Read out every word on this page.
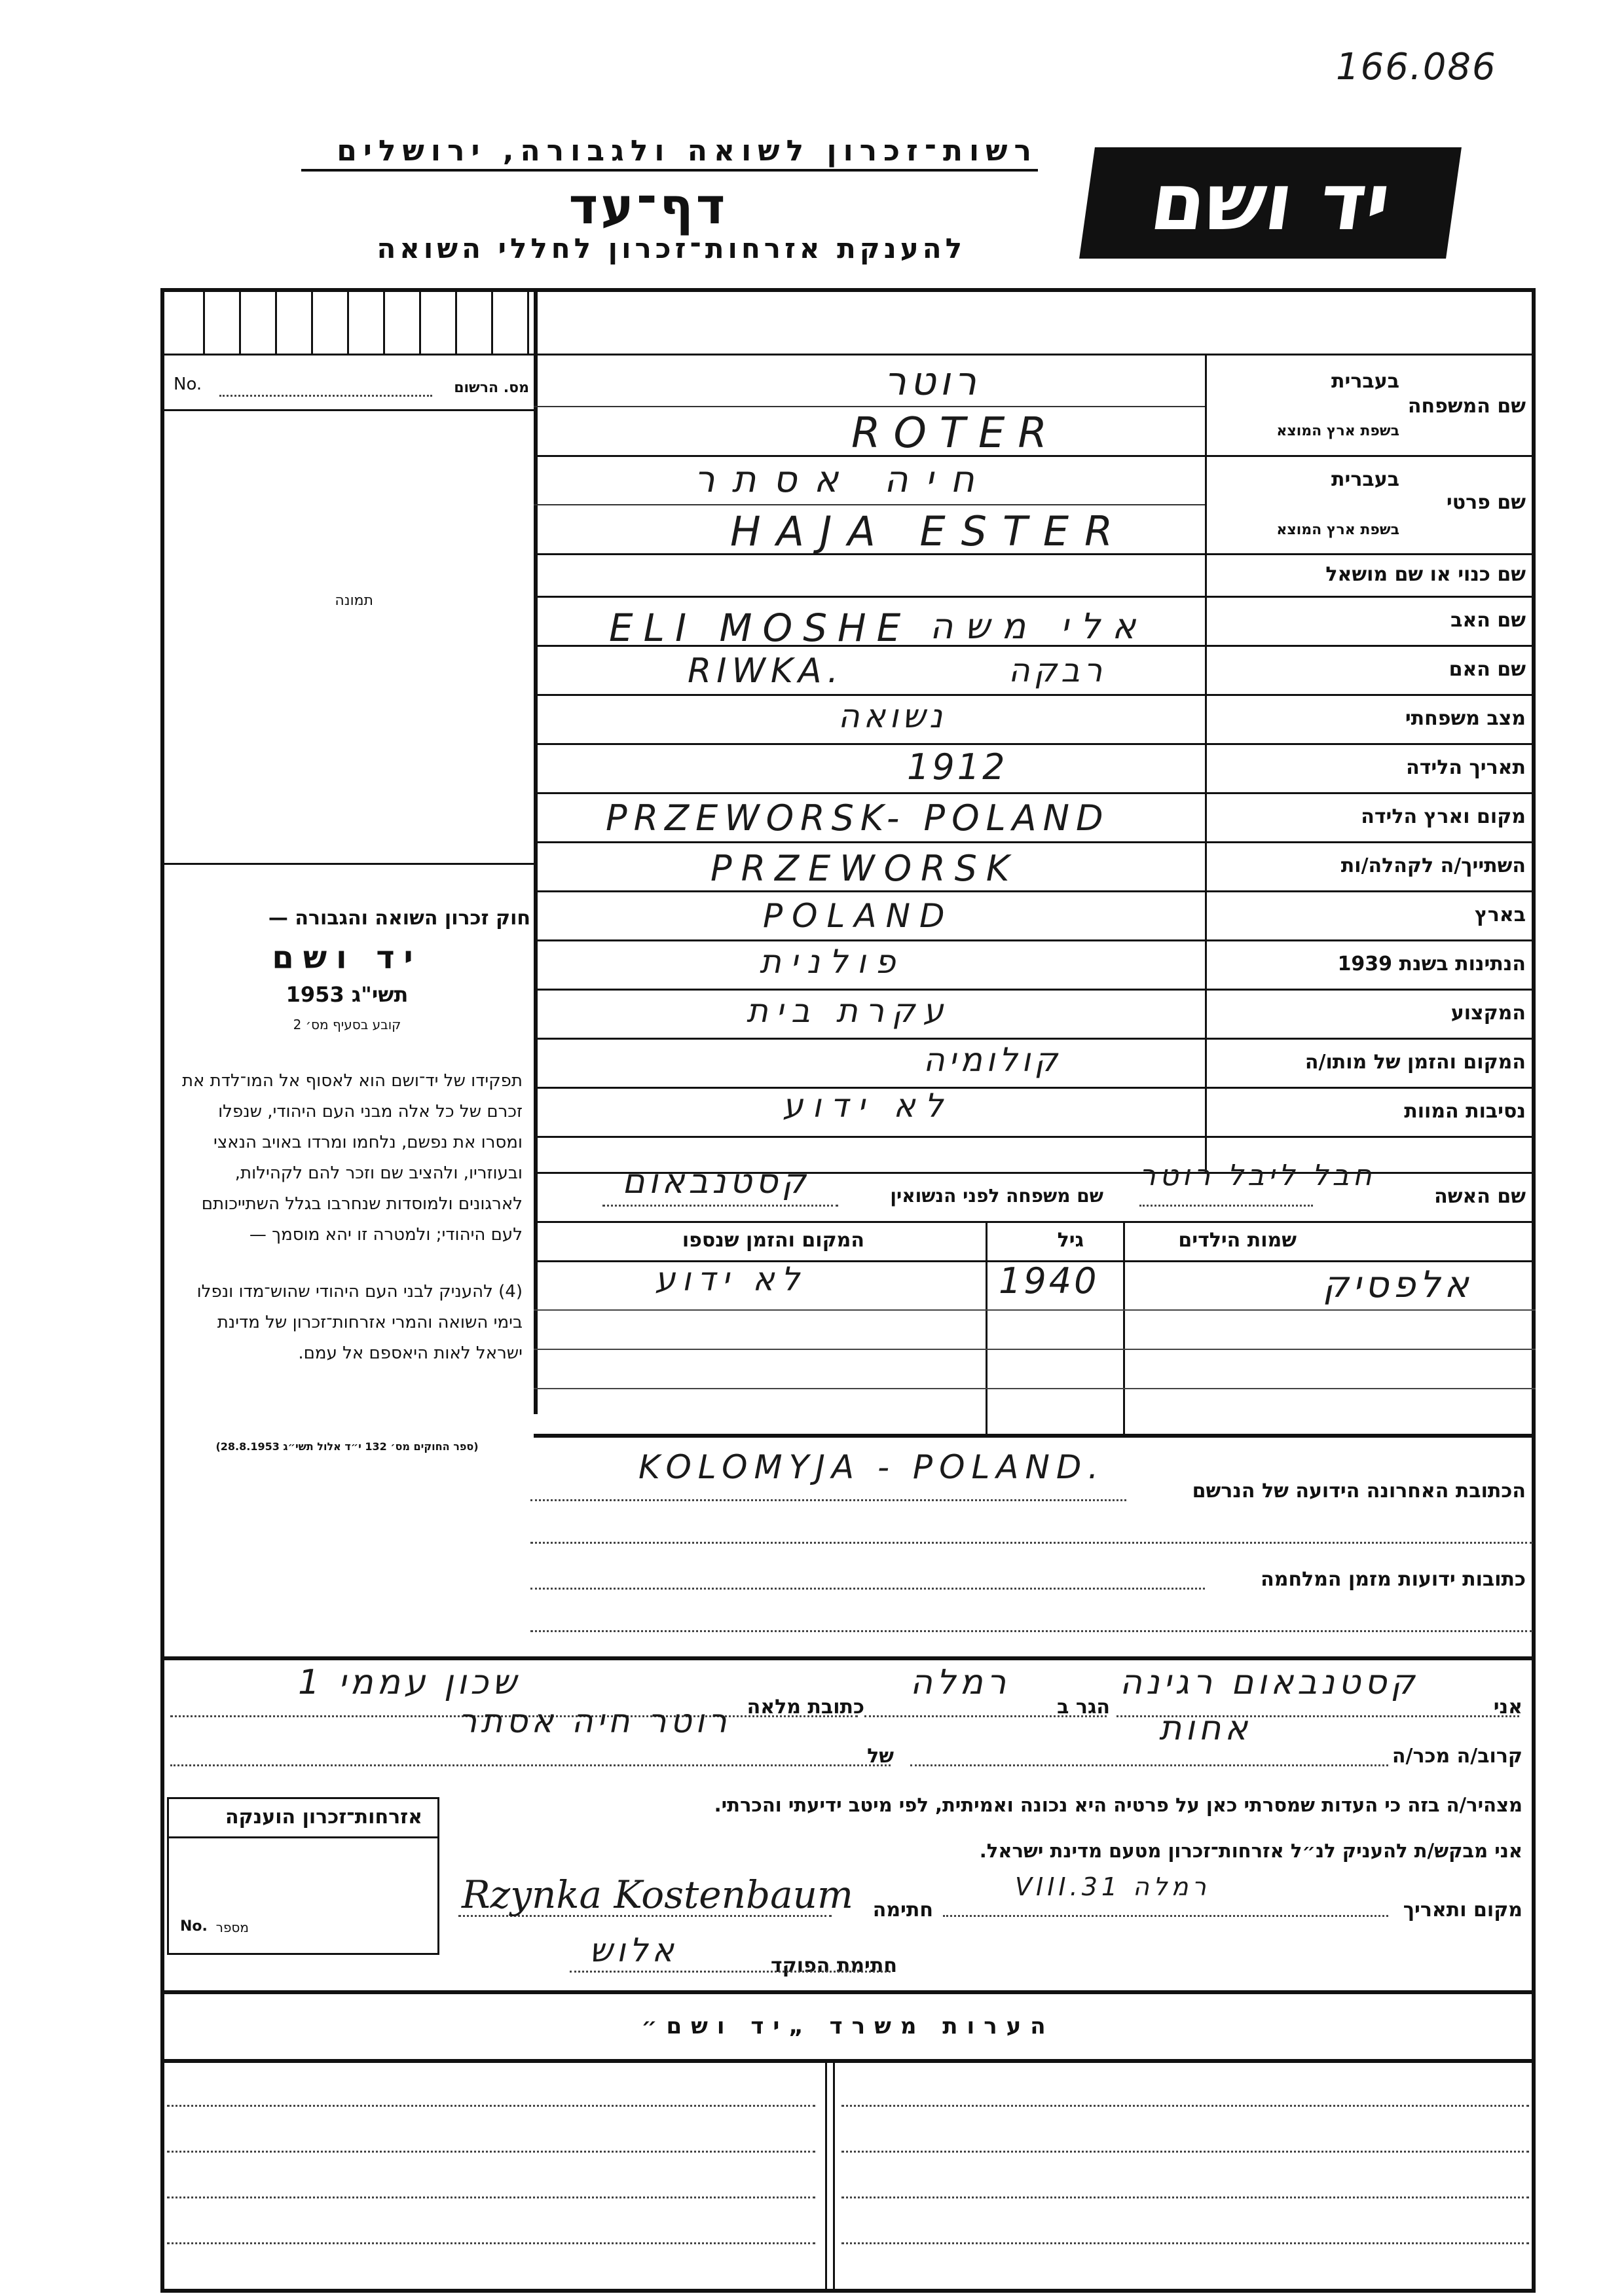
166.086
רשות־זכרון לשואה ולגבורה, ירושלים
דף־עד
להענקת אזרחות־זכרון לחללי השואה
יד ושם
מס. הרשום
No.
תמונה
חוק זכרון השואה והגבורה —
יד ושם
תשי"ג 1953
קובע בסעיף מס׳ 2
תפקידו של יד־ושם הוא לאסוף אל המו־לדת את זכרם של כל אלה מבני העם היהודי, שנפלו ומסרו את נפשם, נלחמו ומרדו באויב הנאצי ובעוזריו, ולהציב שם וזכר להם לקהילות, לארגונים ולמוסדות שנחרבו בגלל השתייכותם לעם היהודי; ולמטרה זו יהא מוסמך —
(4) להעניק לבני העם היהודי שהוש־מדו ונפלו בימי השואה והמרי אזרחות־זכרון של מדינת ישראל לאות היאספם אל עמם.
(ספר החוקים מס׳ 132 י״ד אלול תשי״ג 28.8.1953)
בעברית
שם המשפחה
בשפת ארץ המוצא
בעברית
שם פרטי
בשפת ארץ המוצא
שם כנוי או שם מושאל
שם האב
שם האם
מצב משפחתי
תאריך הלידה
מקום וארץ הלידה
השתייך/ה לקהלה/ות
בארץ
הנתינות בשנת 1939
המקצוע
המקום והזמן של מותו/ה
נסיבות המוות
רוטר
ROTER
חיה אסתר
HAJA ESTER
ELI MOSHE אלי משה
RIWKA.	רבקה
נשואה
1912
PRZEWORSK- POLAND
PRZEWORSK
POLAND
פולנית
עקרת בית
קולומיה
לא ידוע
שם האשה
חבל ליבל רוטר
שם משפחה לפני הנשואין
קסטנבאום
שמות הילדים
גיל
המקום והזמן שנספו
אלפסיק
1940
לא ידוע
הכתובת האחרונה הידועה של הנרשם
KOLOMYJA - POLAND.
כתובות ידועות מזמן המלחמה
אני
קסטנבאום רגינה
הגר ב
רמלה
כתובת מלאה
שכון עממי 1
קרוב/ה מכר/ה
אחות
של
רוטר חיה אסתר
מצהיר/ה בזה כי העדות שמסרתי כאן על פרטיה היא נכונה ואמיתית, לפי מיטב ידיעתי והכרתי.
אני מבקש/ת להעניק לנ״ל אזרחות־זכרון מטעם מדינת ישראל.
אזרחות־זכרון הוענקה
No. מספר
מקום ותאריך
רמלה 31.VIII
חתימה
Rzynka Kostenbaum
חתימת הפוקד
אלוש
הערות משרד „יד ושם״
